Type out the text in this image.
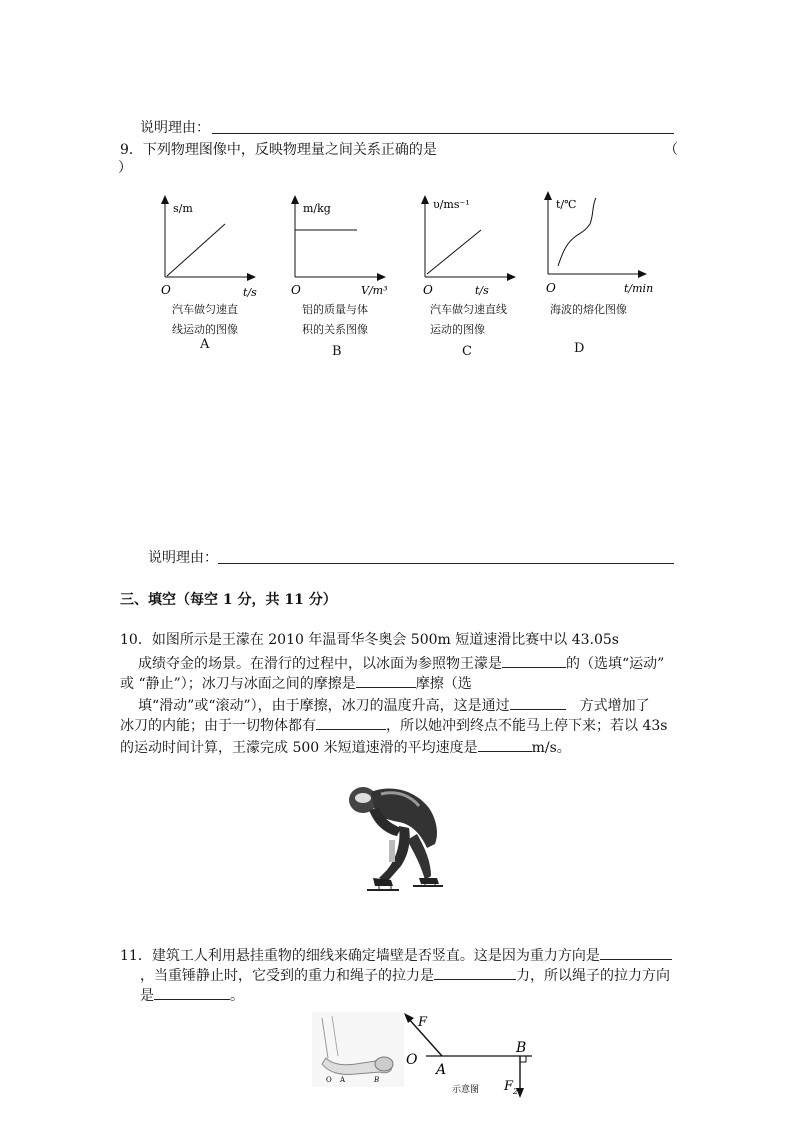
说明理由：
9．下列物理图像中，反映物理量之间关系正确的是	（
）
s/m
t/s
O
汽车做匀速直
线运动的图像
A
m/kg
V/m³
O
铝的质量与体
积的关系图像
B
υ/ms⁻¹
t/s
O
汽车做匀速直线
运动的图像
C
t/℃
t/min
O
海波的熔化图像
D
说明理由：
三、填空（每空 1 分，共 11 分）
10．如图所示是王濛在 2010 年温哥华冬奥会 500m 短道速滑比赛中以 43.05s
成绩夺金的场景。在滑行的过程中，以冰面为参照物王濛是	的（选填“运动”
或 “静止”）；冰刀与冰面之间的摩擦是	摩擦（选
填“滑动”或“滚动”），由于摩擦，冰刀的温度升高，这是通过	方式增加了
冰刀的内能；由于一切物体都有	，所以她冲到终点不能马上停下来；若以 43s
的运动时间计算，王濛完成 500 米短道速滑的平均速度是	m/s。
11．建筑工人利用悬挂重物的细线来确定墙壁是否竖直。这是因为重力方向是
，当重锤静止时，它受到的重力和绳子的拉力是	力，所以绳子的拉力方向
是	。
O A	B
F
O
A
B
F 2
示意图
